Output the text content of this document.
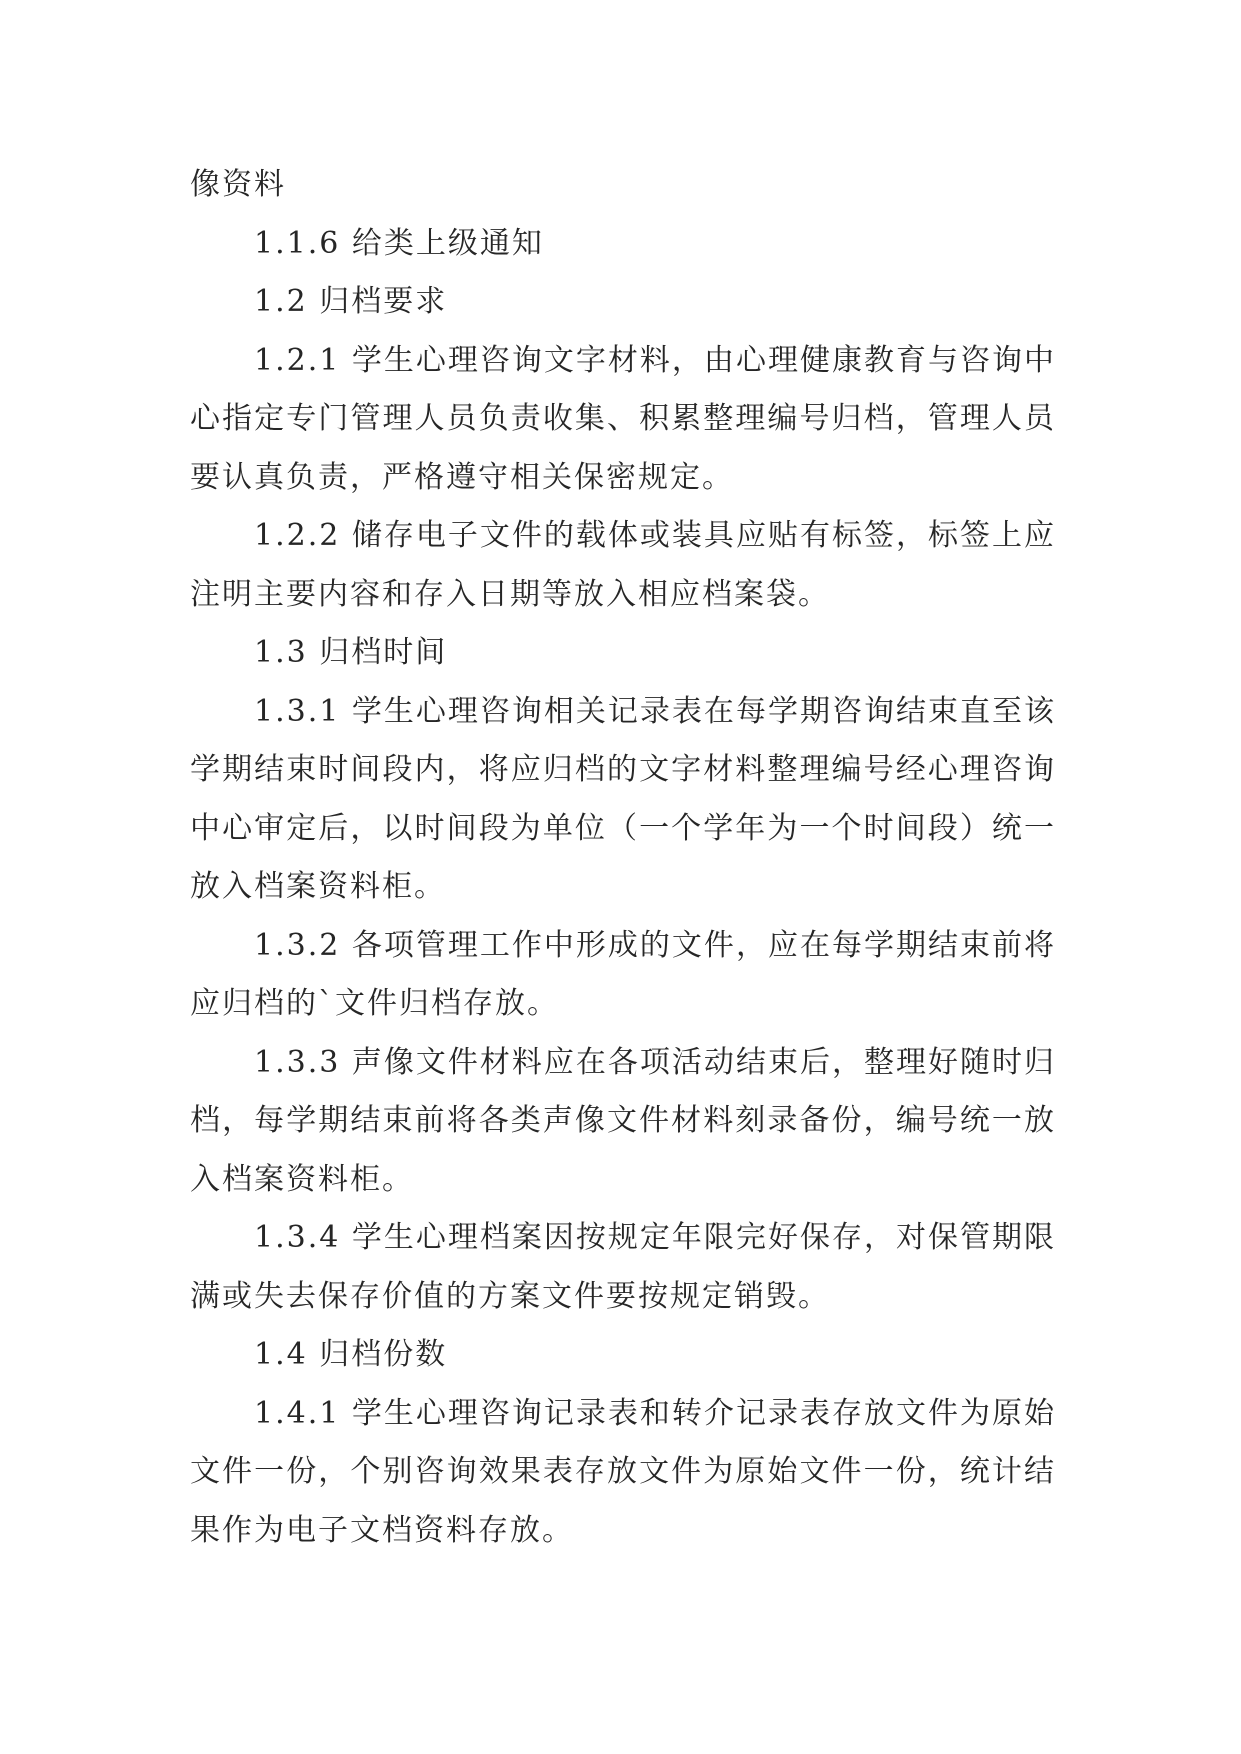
像资料

1.1.6 给类上级通知

1.2 归档要求

1.2.1 学生心理咨询文字材料，由心理健康教育与咨询中心指定专门管理人员负责收集、积累整理编号归档，管理人员要认真负责，严格遵守相关保密规定。

1.2.2 储存电子文件的载体或装具应贴有标签，标签上应注明主要内容和存入日期等放入相应档案袋。

1.3 归档时间

1.3.1 学生心理咨询相关记录表在每学期咨询结束直至该学期结束时间段内，将应归档的文字材料整理编号经心理咨询中心审定后，以时间段为单位（一个学年为一个时间段）统一放入档案资料柜。

1.3.2 各项管理工作中形成的文件，应在每学期结束前将应归档的`文件归档存放。

1.3.3 声像文件材料应在各项活动结束后，整理好随时归档，每学期结束前将各类声像文件材料刻录备份，编号统一放入档案资料柜。

1.3.4 学生心理档案因按规定年限完好保存，对保管期限满或失去保存价值的方案文件要按规定销毁。

1.4 归档份数

1.4.1 学生心理咨询记录表和转介记录表存放文件为原始文件一份，个别咨询效果表存放文件为原始文件一份，统计结果作为电子文档资料存放。
